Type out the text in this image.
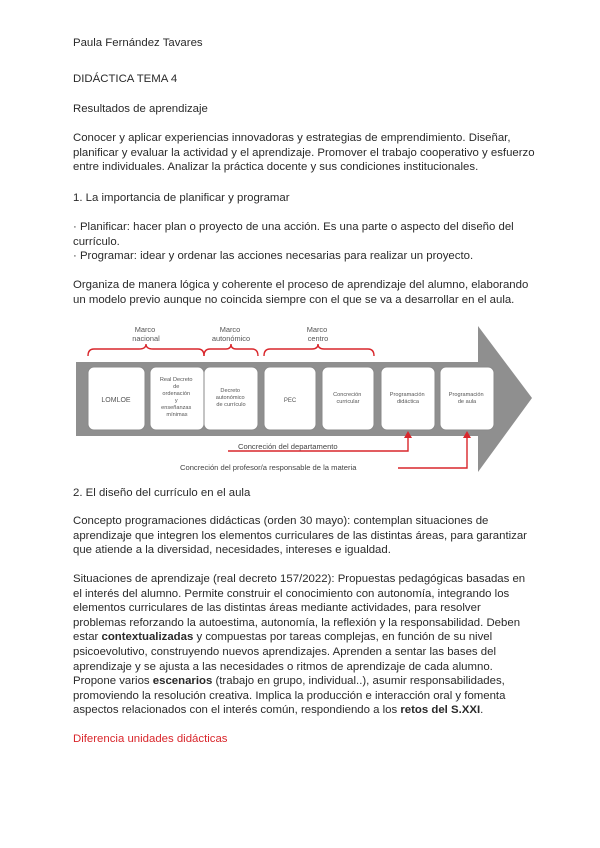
Paula Fernández Tavares
DIDÁCTICA TEMA 4
Resultados de aprendizaje
Conocer y aplicar experiencias innovadoras y estrategias de emprendimiento. Diseñar, planificar y evaluar la actividad y el aprendizaje. Promover el trabajo cooperativo y esfuerzo entre individuales. Analizar la práctica docente y sus condiciones institucionales.
1. La importancia de planificar y programar
· Planificar: hacer plan o proyecto de una acción. Es una parte o aspecto del diseño del currículo.
· Programar: idear y ordenar las acciones necesarias para realizar un proyecto.
Organiza de manera lógica y coherente el proceso de aprendizaje del alumno, elaborando un modelo previo aunque no coincida siempre con el que se va a desarrollar en el aula.
LOMLOE
Real Decreto de ordenación y enseñanzas mínimas
Decreto autonómico de currículo
PEC
Concreción curricular
Programación didáctica
Programación de aula
Marco nacional
Marco autonómico
Marco centro
Concreción del departamento
Concreción del profesor/a responsable de la materia
2. El diseño del currículo en el aula
Concepto programaciones didácticas (orden 30 mayo): contemplan situaciones de aprendizaje que integren los elementos curriculares de las distintas áreas, para garantizar que atiende a la diversidad, necesidades, intereses e igualdad.
Situaciones de aprendizaje (real decreto 157/2022): Propuestas pedagógicas basadas en el interés del alumno. Permite construir el conocimiento con autonomía, integrando los elementos curriculares de las distintas áreas mediante actividades, para resolver problemas reforzando la autoestima, autonomía, la reflexión y la responsabilidad. Deben estar contextualizadas y compuestas por tareas complejas, en función de su nivel psicoevolutivo, construyendo nuevos aprendizajes. Aprenden a sentar las bases del aprendizaje y se ajusta a las necesidades o ritmos de aprendizaje de cada alumno. Propone varios escenarios (trabajo en grupo, individual..), asumir responsabilidades, promoviendo la resolución creativa. Implica la producción e interacción oral y fomenta aspectos relacionados con el interés común, respondiendo a los retos del S.XXI.
Diferencia unidades didácticas
